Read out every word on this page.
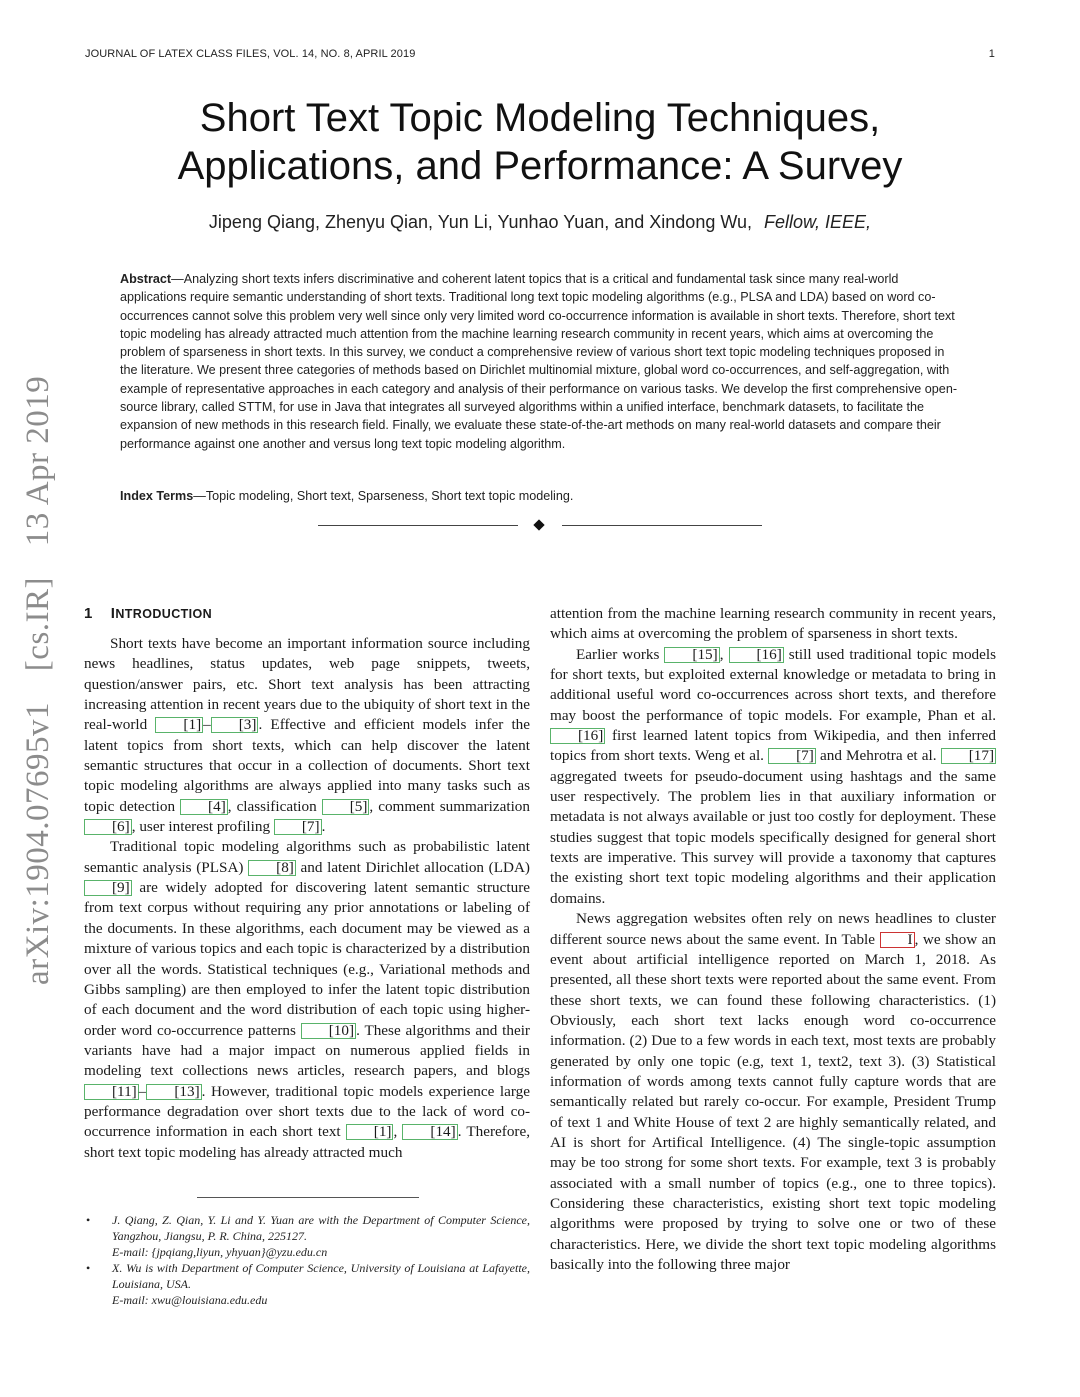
JOURNAL OF LATEX CLASS FILES, VOL. 14, NO. 8, APRIL 2019	1
arXiv:1904.07695v1 [cs.IR] 13 Apr 2019
Short Text Topic Modeling Techniques,
Applications, and Performance: A Survey
Jipeng Qiang, Zhenyu Qian, Yun Li, Yunhao Yuan, and Xindong Wu, Fellow, IEEE,
Abstract—Analyzing short texts infers discriminative and coherent latent topics that is a critical and fundamental task since many real-world applications require semantic understanding of short texts. Traditional long text topic modeling algorithms (e.g., PLSA and LDA) based on word co-occurrences cannot solve this problem very well since only very limited word co-occurrence information is available in short texts. Therefore, short text topic modeling has already attracted much attention from the machine learning research community in recent years, which aims at overcoming the problem of sparseness in short texts. In this survey, we conduct a comprehensive review of various short text topic modeling techniques proposed in the literature. We present three categories of methods based on Dirichlet multinomial mixture, global word co-occurrences, and self-aggregation, with example of representative approaches in each category and analysis of their performance on various tasks. We develop the first comprehensive open-source library, called STTM, for use in Java that integrates all surveyed algorithms within a unified interface, benchmark datasets, to facilitate the expansion of new methods in this research field. Finally, we evaluate these state-of-the-art methods on many real-world datasets and compare their performance against one another and versus long text topic modeling algorithm.
Index Terms—Topic modeling, Short text, Sparseness, Short text topic modeling.
1 INTRODUCTION

Short texts have become an important information source including news headlines, status updates, web page snippets, tweets, question/answer pairs, etc. Short text analysis has been attracting increasing attention in recent years due to the ubiquity of short text in the real-world [1] – [3] . Effective and efficient models infer the latent topics from short texts, which can help discover the latent semantic structures that occur in a collection of documents. Short text topic modeling algorithms are always applied into many tasks such as topic detection [4] , classification [5] , comment summarization [6] , user interest profiling [7] .

Traditional topic modeling algorithms such as probabilistic latent semantic analysis (PLSA) [8] and latent Dirichlet allocation (LDA) [9] are widely adopted for discovering latent semantic structure from text corpus without requiring any prior annotations or labeling of the documents. In these algorithms, each document may be viewed as a mixture of various topics and each topic is characterized by a distribution over all the words. Statistical techniques (e.g., Variational methods and Gibbs sampling) are then employed to infer the latent topic distribution of each document and the word distribution of each topic using higher-order word co-occurrence patterns [10] . These algorithms and their variants have had a major impact on numerous applied fields in modeling text collections news articles, research papers, and blogs [11] – [13] . However, traditional topic models experience large performance degradation over short texts due to the lack of word co-occurrence information in each short text [1] , [14] . Therefore, short text topic modeling has already attracted much

• J. Qiang, Z. Qian, Y. Li and Y. Yuan are with the Department of Computer Science, Yangzhou, Jiangsu, P. R. China, 225127.
E-mail: {jpqiang,liyun, yhyuan}@yzu.edu.cn
• X. Wu is with Department of Computer Science, University of Louisiana at Lafayette, Louisiana, USA.
E-mail: xwu@louisiana.edu.edu

attention from the machine learning research community in recent years, which aims at overcoming the problem of sparseness in short texts.

Earlier works [15] , [16] still used traditional topic models for short texts, but exploited external knowledge or metadata to bring in additional useful word co-occurrences across short texts, and therefore may boost the performance of topic models. For example, Phan et al. [16] first learned latent topics from Wikipedia, and then inferred topics from short texts. Weng et al. [7] and Mehrotra et al. [17] aggregated tweets for pseudo-document using hashtags and the same user respectively. The problem lies in that auxiliary information or metadata is not always available or just too costly for deployment. These studies suggest that topic models specifically designed for general short texts are imperative. This survey will provide a taxonomy that captures the existing short text topic modeling algorithms and their application domains.

News aggregation websites often rely on news headlines to cluster different source news about the same event. In Table I , we show an event about artificial intelligence reported on March 1, 2018. As presented, all these short texts were reported about the same event. From these short texts, we can found these following characteristics. (1) Obviously, each short text lacks enough word co-occurrence information. (2) Due to a few words in each text, most texts are probably generated by only one topic (e.g, text 1, text2, text 3). (3) Statistical information of words among texts cannot fully capture words that are semantically related but rarely co-occur. For example, President Trump of text 1 and White House of text 2 are highly semantically related, and AI is short for Artifical Intelligence. (4) The single-topic assumption may be too strong for some short texts. For example, text 3 is probably associated with a small number of topics (e.g., one to three topics). Considering these characteristics, existing short text topic modeling algorithms were proposed by trying to solve one or two of these characteristics. Here, we divide the short text topic modeling algorithms basically into the following three major
